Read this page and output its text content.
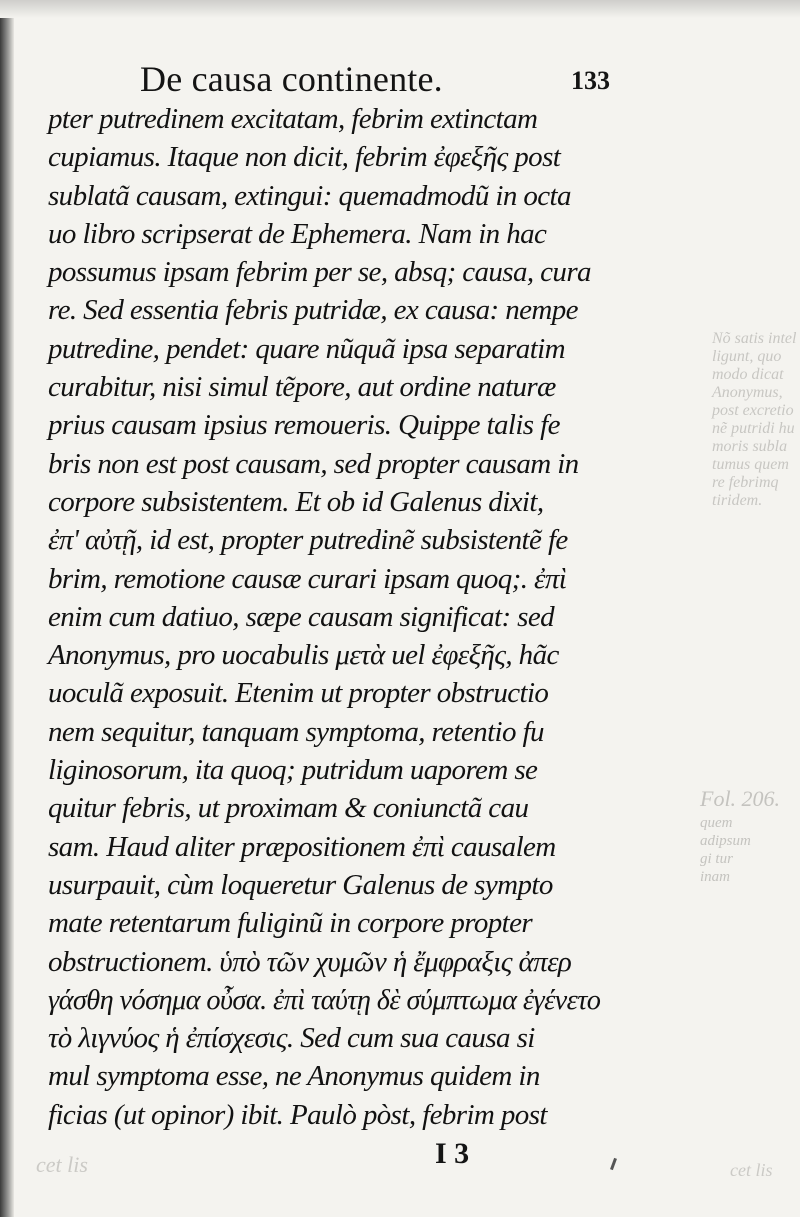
Nõ satis intel
ligunt, quo
modo dicat
Anonymus,
post excretio
nẽ putridi hu
moris subla
tumus quem
re febrimq
tiridem.
Fol. 206.
quem
adipsum
gi tur
inam
cet lis	cet lis
De causa continente.	133
pter putredinem excitatam, febrim extinctam
cupiamus. Itaque non dicit, febrim ἐφεξῆς post
sublatã causam, extingui: quemadmodũ in octa
uo libro scripserat de Ephemera. Nam in hac
possumus ipsam febrim per se, absq; causa, cura
re. Sed essentia febris putridæ, ex causa: nempe
putredine, pendet: quare nũquã ipsa separatim
curabitur, nisi simul tẽpore, aut ordine naturæ
prius causam ipsius remoueris. Quippe talis fe
bris non est post causam, sed propter causam in
corpore subsistentem. Et ob id Galenus dixit,
ἐπ' αὐτῇ, id est, propter putredinẽ subsistentẽ fe
brim, remotione causæ curari ipsam quoq;. ἐπὶ
enim cum datiuo, sæpe causam significat: sed
Anonymus, pro uocabulis μετὰ uel ἐφεξῆς, hãc
uoculã exposuit. Etenim ut propter obstructio
nem sequitur, tanquam symptoma, retentio fu
liginosorum, ita quoq; putridum uaporem se
quitur febris, ut proximam & coniunctã cau
sam. Haud aliter præpositionem ἐπὶ causalem
usurpauit, cùm loqueretur Galenus de sympto
mate retentarum fuliginũ in corpore propter
obstructionem. ὑπὸ τῶν χυμῶν ἡ ἔμφραξις ἀπερ
γάσθη νόσημα οὖσα. ἐπὶ ταύτῃ δὲ σύμπτωμα ἐγένετο
τὸ λιγνύος ἡ ἐπίσχεσις. Sed cum sua causa si
mul symptoma esse, ne Anonymus quidem in
ficias (ut opinor) ibit. Paulò pòst, febrim post
I 3
